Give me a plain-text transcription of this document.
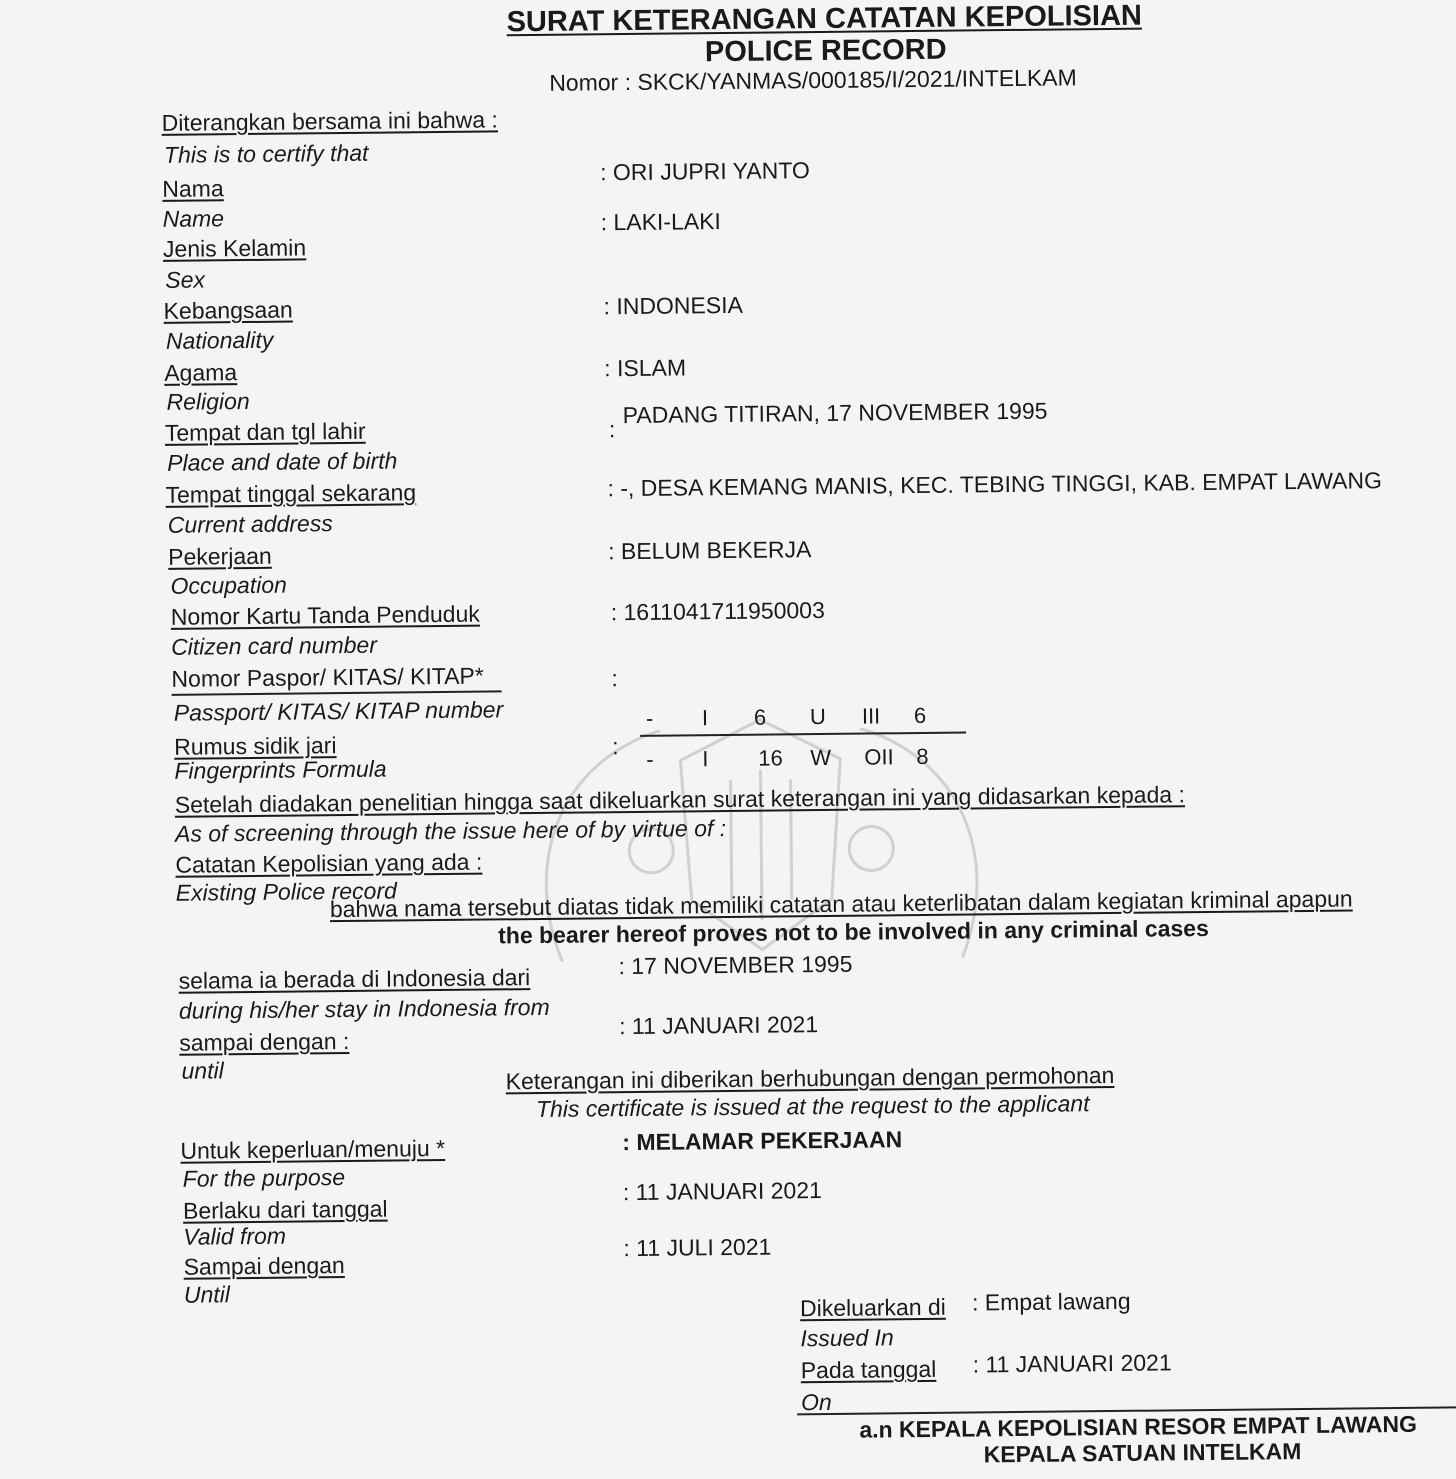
SURAT KETERANGAN CATATAN KEPOLISIAN
POLICE RECORD
Nomor : SKCK/YANMAS/000185/I/2021/INTELKAM
Diterangkan bersama ini bahwa :
This is to certify that
Nama
Name
: ORI JUPRI YANTO
Jenis Kelamin
Sex
: LAKI-LAKI
Kebangsaan
Nationality
: INDONESIA
Agama
Religion
: ISLAM
Tempat dan tgl lahir
Place and date of birth
:
PADANG TITIRAN, 17 NOVEMBER 1995
Tempat tinggal sekarang
Current address
: -, DESA KEMANG MANIS, KEC. TEBING TINGGI, KAB. EMPAT LAWANG
Pekerjaan
Occupation
: BELUM BEKERJA
Nomor Kartu Tanda Penduduk
Citizen card number
: 1611041711950003
Nomor Paspor/ KITAS/ KITAP*
Passport/ KITAS/ KITAP number
:
Rumus sidik jari
Fingerprints Formula
:
- I 6 U III 6
- I 16 W OII 8
Setelah diadakan penelitian hingga saat dikeluarkan surat keterangan ini yang didasarkan kepada :
As of screening through the issue here of by virtue of :
Catatan Kepolisian yang ada :
Existing Police record
bahwa nama tersebut diatas tidak memiliki catatan atau keterlibatan dalam kegiatan kriminal apapun
the bearer hereof proves not to be involved in any criminal cases
selama ia berada di Indonesia dari
during his/her stay in Indonesia from
: 17 NOVEMBER 1995
sampai dengan :
until
: 11 JANUARI 2021
Keterangan ini diberikan berhubungan dengan permohonan
This certificate is issued at the request to the applicant
Untuk keperluan/menuju *
For the purpose
: MELAMAR PEKERJAAN
Berlaku dari tanggal
Valid from
: 11 JANUARI 2021
Sampai dengan
Until
: 11 JULI 2021
Dikeluarkan di
Issued In
: Empat lawang
Pada tanggal
On
: 11 JANUARI 2021
a.n KEPALA KEPOLISIAN RESOR EMPAT LAWANG
KEPALA SATUAN INTELKAM
